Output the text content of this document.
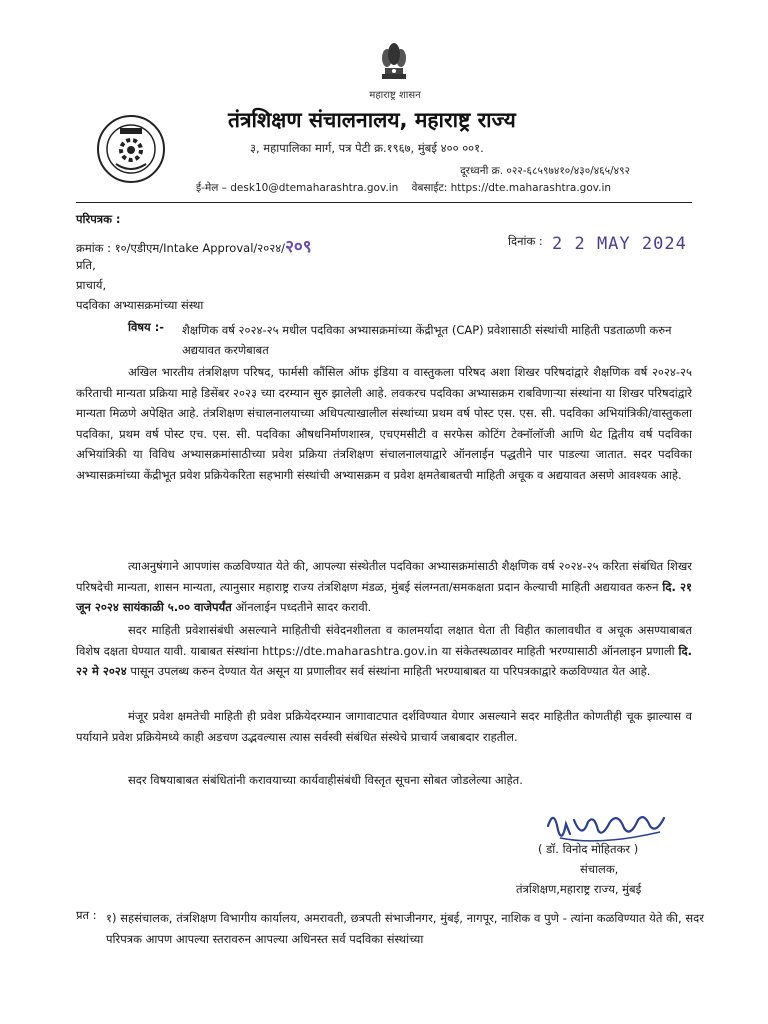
महाराष्ट्र शासन
तंत्रशिक्षण संचालनालय, महाराष्ट्र राज्य
३, महापालिका मार्ग, पत्र पेटी क्र.१९६७, मुंबई ४०० ००१.
दूरध्वनी क्र. ०२२-६८५९७४१०/४३०/४६५/४९२
ई-मेल – desk10@dtemaharashtra.gov.in वेबसाईट: https://dte.maharashtra.gov.in
परिपत्रक :
क्रमांक : १०/एडीएम/Intake Approval/२०२४/२०९	दिनांक : 2 2 MAY 2024
प्रति,
प्राचार्य,
पदविका अभ्यासक्रमांच्या संस्था
विषय :- शैक्षणिक वर्ष २०२४-२५ मधील पदविका अभ्यासक्रमांच्या केंद्रीभूत (CAP) प्रवेशासाठी संस्थांची माहिती पडताळणी करुन अद्ययावत करणेबाबत
अखिल भारतीय तंत्रशिक्षण परिषद, फार्मसी कौंसिल ऑफ इंडिया व वास्तुकला परिषद अशा शिखर परिषदांद्वारे शैक्षणिक वर्ष २०२४-२५ करिताची मान्यता प्रक्रिया माहे डिसेंबर २०२३ च्या दरम्यान सुरु झालेली आहे. लवकरच पदविका अभ्यासक्रम राबविणाऱ्या संस्थांना या शिखर परिषदांद्वारे मान्यता मिळणे अपेक्षित आहे. तंत्रशिक्षण संचालनालयाच्या अधिपत्याखालील संस्थांच्या प्रथम वर्ष पोस्ट एस. एस. सी. पदविका अभियांत्रिकी/वास्तुकला पदविका, प्रथम वर्ष पोस्ट एच. एस. सी. पदविका औषधनिर्माणशास्त्र, एचएमसीटी व सरफेस कोटिंग टेक्नॉलॉजी आणि थेट द्वितीय वर्ष पदविका अभियांत्रिकी या विविध अभ्यासक्रमांसाठीच्या प्रवेश प्रक्रिया तंत्रशिक्षण संचालनालयाद्वारे ऑनलाईन पद्धतीने पार पाडल्या जातात. सदर पदविका अभ्यासक्रमांच्या केंद्रीभूत प्रवेश प्रक्रियेकरिता सहभागी संस्थांची अभ्यासक्रम व प्रवेश क्षमतेबाबतची माहिती अचूक व अद्ययावत असणे आवश्यक आहे.
त्याअनुषंगाने आपणांस कळविण्यात येते की, आपल्या संस्थेतील पदविका अभ्यासक्रमांसाठी शैक्षणिक वर्ष २०२४-२५ करिता संबंधित शिखर परिषदेची मान्यता, शासन मान्यता, त्यानुसार महाराष्ट्र राज्य तंत्रशिक्षण मंडळ, मुंबई संलग्नता/समकक्षता प्रदान केल्याची माहिती अद्ययावत करुन दि. २१ जून २०२४ सायंकाळी ५.०० वाजेपर्यंत ऑनलाईन पध्दतीने सादर करावी.
सदर माहिती प्रवेशासंबंधी असल्याने माहितीची संवेदनशीलता व कालमर्यादा लक्षात घेता ती विहीत कालावधीत व अचूक असण्याबाबत विशेष दक्षता घेण्यात यावी. याबाबत संस्थांना https://dte.maharashtra.gov.in या संकेतस्थळावर माहिती भरण्यासाठी ऑनलाइन प्रणाली दि. २२ मे २०२४ पासून उपलब्ध करुन देण्यात येत असून या प्रणालीवर सर्व संस्थांना माहिती भरण्याबाबत या परिपत्रकाद्वारे कळविण्यात येत आहे.
मंजूर प्रवेश क्षमतेची माहिती ही प्रवेश प्रक्रियेदरम्यान जागावाटपात दर्शविण्यात येणार असल्याने सदर माहितीत कोणतीही चूक झाल्यास व पर्यायाने प्रवेश प्रक्रियेमध्ये काही अडचण उद्भवल्यास त्यास सर्वस्वी संबंधित संस्थेचे प्राचार्य जबाबदार राहतील.
सदर विषयाबाबत संबंधितांनी करावयाच्या कार्यवाहीसंबंधी विस्तृत सूचना सोबत जोडलेल्या आहेत.
( डॉ. विनोद मोहितकर )
संचालक,
तंत्रशिक्षण,महाराष्ट्र राज्य, मुंबई
प्रत : १) सहसंचालक, तंत्रशिक्षण विभागीय कार्यालय, अमरावती, छत्रपती संभाजीनगर, मुंबई, नागपूर, नाशिक व पुणे - त्यांना कळविण्यात येते की, सदर परिपत्रक आपण आपल्या स्तरावरुन आपल्या अधिनस्त सर्व पदविका संस्थांच्या
